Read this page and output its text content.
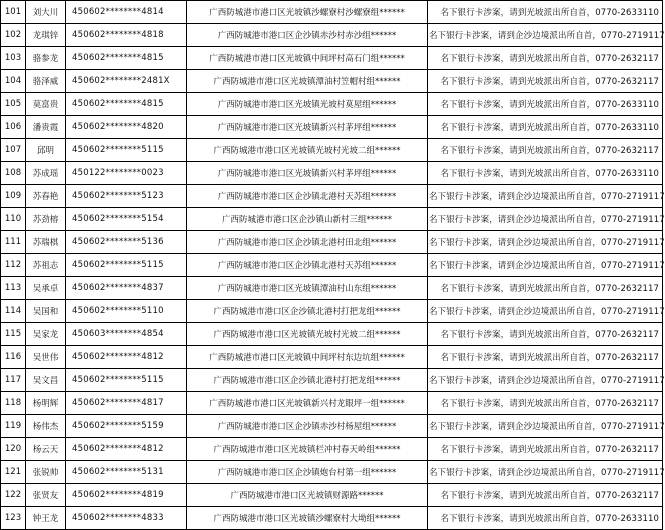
101	刘大川	450602********4814	广西防城港市港口区光坡镇沙螺寮村沙螺寮组******	名下银行卡涉案，请到光坡派出所自首，0770-2633110
102	龙琪锌	450602********4818	广西防城港市港口区企沙镇赤沙村赤沙组******	名下银行卡涉案，请到企沙边境派出所自首，0770-2719117
103	骆参龙	450602********4815	广西防城港市港口区光坡镇中间坪村高石门组******	名下银行卡涉案，请到光坡派出所自首，0770-2632117
104	骆泽威	450602********2481X	广西防城港市港口区光坡镇潭油村笠帽村组******	名下银行卡涉案，请到光坡派出所自首，0770-2632117
105	莫富贵	450602********4815	广西防城港市港口区光坡镇光坡村莫屋组******	名下银行卡涉案，请到光坡派出所自首，0770-2633110
106	潘贵霞	450602********4820	广西防城港市港口区光坡镇新兴村茅坪组******	名下银行卡涉案，请到光坡派出所自首，0770-2633110
107	邱明	450602********5115	广西防城港市港口区光坡镇光坡村光坡二组******	名下银行卡涉案，请到光坡派出所自首，0770-2632117
108	苏成瑶	450122********0023	广西防城港市港口区光坡镇新兴村茅坪组******	名下银行卡涉案，请到光坡派出所自首，0770-2633110
109	苏春艳	450602********5123	广西防城港市港口区企沙镇北港村天苏组******	名下银行卡涉案，请到企沙边境派出所自首，0770-2719117
110	苏劲榕	450602********5154	广西防城港市港口区企沙镇山新村三组******	名下银行卡涉案，请到企沙边境派出所自首，0770-2719117
111	苏瑞棋	450602********5136	广西防城港市港口区企沙镇北港村田北组******	名下银行卡涉案，请到企沙边境派出所自首，0770-2719117
112	苏祖志	450602********5115	广西防城港市港口区企沙镇北港村天苏组******	名下银行卡涉案，请到企沙边境派出所自首，0770-2719117
113	吴承卓	450602********4837	广西防城港市港口区光坡镇潭油村山东组******	名下银行卡涉案，请到光坡派出所自首，0770-2632117
114	吴国和	450602********5110	广西防城港市港口区企沙镇北港村打把龙组******	名下银行卡涉案，请到企沙边境派出所自首，0770-2719117
115	吴家龙	450603********4854	广西防城港市港口区光坡镇光坡村光坡二组******	名下银行卡涉案，请到光坡派出所自首，0770-2632117
116	吴世伟	450602********4812	广西防城港市港口区光坡镇中间坪村东边坑组******	名下银行卡涉案，请到光坡派出所自首，0770-2632117
117	吴文昌	450602********5115	广西防城港市港口区企沙镇北港村打把龙组******	名下银行卡涉案，请到企沙边境派出所自首，0770-2719117
118	杨明辉	450602********4817	广西防城港市港口区光坡镇新兴村龙眼坪一组******	名下银行卡涉案，请到光坡派出所自首，0770-2632117
119	杨伟杰	450602********5159	广西防城港市港口区企沙镇赤沙村杨屋组******	名下银行卡涉案，请到企沙边境派出所自首，0770-2719117
120	杨云天	450602********4812	广西防城港市港口区光坡镇栏冲村春天岭组******	名下银行卡涉案，请到光坡派出所自首，0770-2632117
121	张锐帅	450602********5131	广西防城港市港口区企沙镇炮台村第一组******	名下银行卡涉案，请到企沙边境派出所自首，0770-2719117
122	张贤友	450602********4819	广西防城港市港口区光坡镇财源路******	名下银行卡涉案，请到光坡派出所自首，0770-2632117
123	钟王龙	450602********4833	广西防城港市港口区光坡镇沙螺寮村大坳组******	名下银行卡涉案，请到光坡派出所自首，0770-2633110
